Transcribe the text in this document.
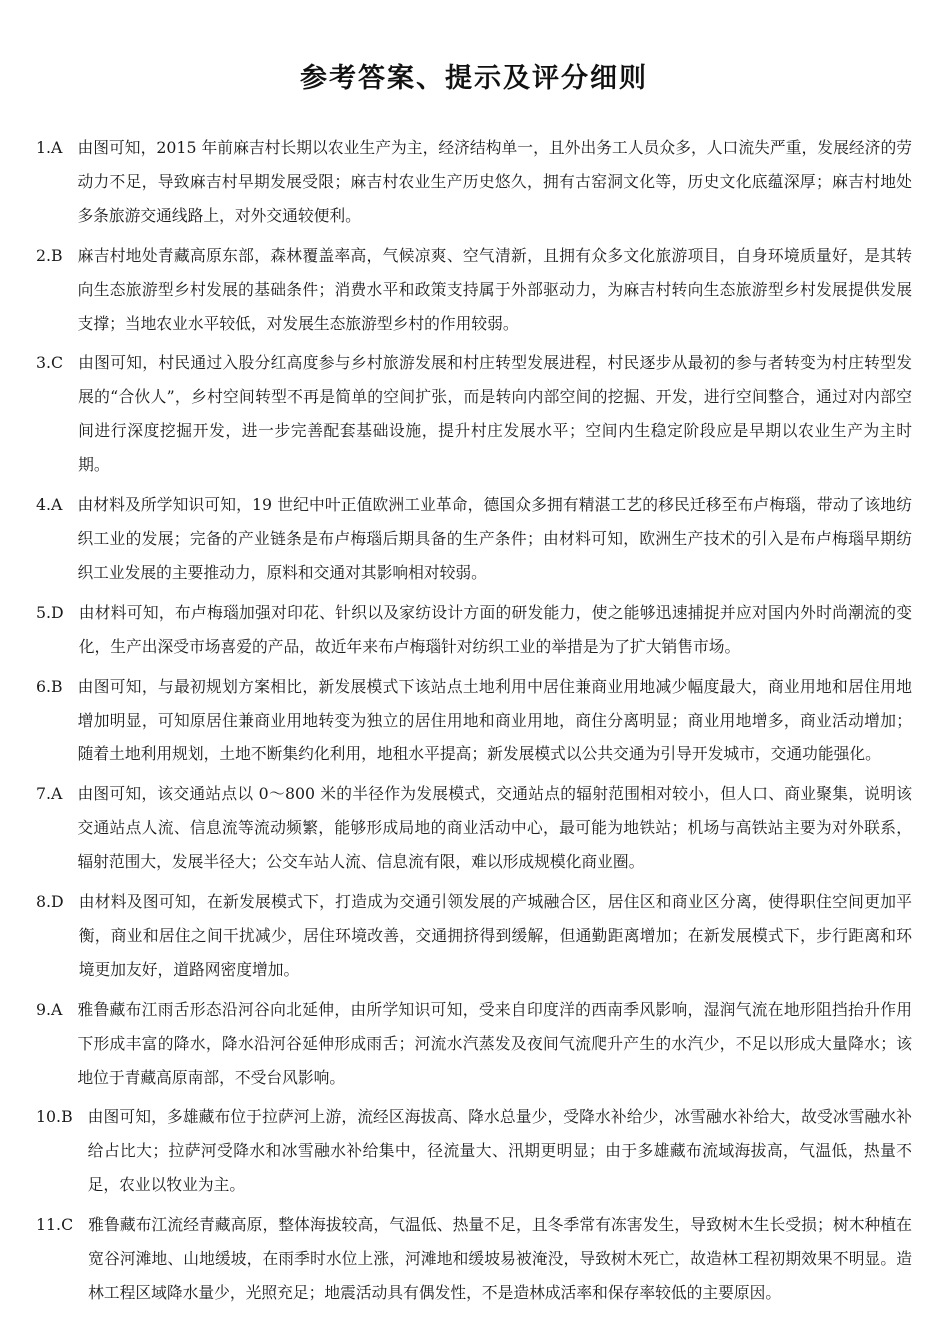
参考答案、提示及评分细则
1.A 由图可知，2015 年前麻吉村长期以农业生产为主，经济结构单一，且外出务工人员众多，人口流失严重，发展经济的劳动力不足，导致麻吉村早期发展受限；麻吉村农业生产历史悠久，拥有古窑洞文化等，历史文化底蕴深厚；麻吉村地处多条旅游交通线路上，对外交通较便利。
2.B 麻吉村地处青藏高原东部，森林覆盖率高，气候凉爽、空气清新，且拥有众多文化旅游项目，自身环境质量好，是其转向生态旅游型乡村发展的基础条件；消费水平和政策支持属于外部驱动力，为麻吉村转向生态旅游型乡村发展提供发展支撑；当地农业水平较低，对发展生态旅游型乡村的作用较弱。
3.C 由图可知，村民通过入股分红高度参与乡村旅游发展和村庄转型发展进程，村民逐步从最初的参与者转变为村庄转型发展的“合伙人”，乡村空间转型不再是简单的空间扩张，而是转向内部空间的挖掘、开发，进行空间整合，通过对内部空间进行深度挖掘开发，进一步完善配套基础设施，提升村庄发展水平；空间内生稳定阶段应是早期以农业生产为主时期。
4.A 由材料及所学知识可知，19 世纪中叶正值欧洲工业革命，德国众多拥有精湛工艺的移民迁移至布卢梅瑙，带动了该地纺织工业的发展；完备的产业链条是布卢梅瑙后期具备的生产条件；由材料可知，欧洲生产技术的引入是布卢梅瑙早期纺织工业发展的主要推动力，原料和交通对其影响相对较弱。
5.D 由材料可知，布卢梅瑙加强对印花、针织以及家纺设计方面的研发能力，使之能够迅速捕捉并应对国内外时尚潮流的变化，生产出深受市场喜爱的产品，故近年来布卢梅瑙针对纺织工业的举措是为了扩大销售市场。
6.B 由图可知，与最初规划方案相比，新发展模式下该站点土地利用中居住兼商业用地减少幅度最大，商业用地和居住用地增加明显，可知原居住兼商业用地转变为独立的居住用地和商业用地，商住分离明显；商业用地增多，商业活动增加；随着土地利用规划，土地不断集约化利用，地租水平提高；新发展模式以公共交通为引导开发城市，交通功能强化。
7.A 由图可知，该交通站点以 0～800 米的半径作为发展模式，交通站点的辐射范围相对较小，但人口、商业聚集，说明该交通站点人流、信息流等流动频繁，能够形成局地的商业活动中心，最可能为地铁站；机场与高铁站主要为对外联系，辐射范围大，发展半径大；公交车站人流、信息流有限，难以形成规模化商业圈。
8.D 由材料及图可知，在新发展模式下，打造成为交通引领发展的产城融合区，居住区和商业区分离，使得职住空间更加平衡，商业和居住之间干扰减少，居住环境改善，交通拥挤得到缓解，但通勤距离增加；在新发展模式下，步行距离和环境更加友好，道路网密度增加。
9.A 雅鲁藏布江雨舌形态沿河谷向北延伸，由所学知识可知，受来自印度洋的西南季风影响，湿润气流在地形阻挡抬升作用下形成丰富的降水，降水沿河谷延伸形成雨舌；河流水汽蒸发及夜间气流爬升产生的水汽少，不足以形成大量降水；该地位于青藏高原南部，不受台风影响。
10.B 由图可知，多雄藏布位于拉萨河上游，流经区海拔高、降水总量少，受降水补给少，冰雪融水补给大，故受冰雪融水补给占比大；拉萨河受降水和冰雪融水补给集中，径流量大、汛期更明显；由于多雄藏布流域海拔高，气温低，热量不足，农业以牧业为主。
11.C 雅鲁藏布江流经青藏高原，整体海拔较高，气温低、热量不足，且冬季常有冻害发生，导致树木生长受损；树木种植在宽谷河滩地、山地缓坡，在雨季时水位上涨，河滩地和缓坡易被淹没，导致树木死亡，故造林工程初期效果不明显。造林工程区域降水量少，光照充足；地震活动具有偶发性，不是造林成活率和保存率较低的主要原因。
